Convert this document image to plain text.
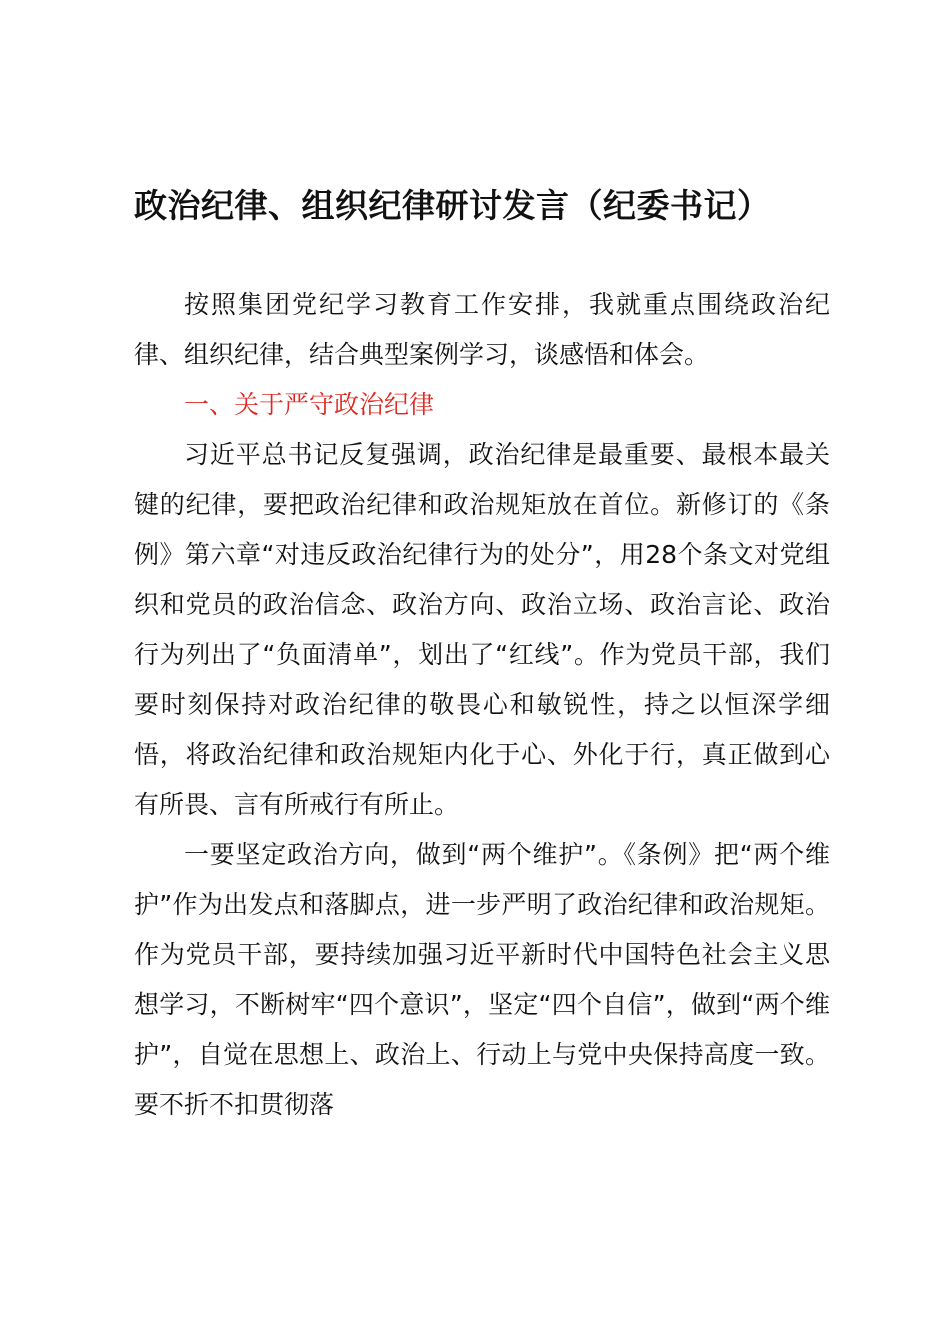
政治纪律、组织纪律研讨发言（纪委书记）

按照集团党纪学习教育工作安排，我就重点围绕政治纪律、组织纪律，结合典型案例学习，谈感悟和体会。

一、关于严守政治纪律

习近平总书记反复强调，政治纪律是最重要、最根本最关键的纪律，要把政治纪律和政治规矩放在首位。新修订的《条例》第六章“对违反政治纪律行为的处分”，用28个条文对党组织和党员的政治信念、政治方向、政治立场、政治言论、政治行为列出了“负面清单”，划出了“红线”。作为党员干部，我们要时刻保持对政治纪律的敬畏心和敏锐性，持之以恒深学细悟，将政治纪律和政治规矩内化于心、外化于行，真正做到心有所畏、言有所戒行有所止。

一要坚定政治方向，做到“两个维护”。《条例》把“两个维护”作为出发点和落脚点，进一步严明了政治纪律和政治规矩。作为党员干部，要持续加强习近平新时代中国特色社会主义思想学习，不断树牢“四个意识”，坚定“四个自信”，做到“两个维护”，自觉在思想上、政治上、行动上与党中央保持高度一致。要不折不扣贯彻落
